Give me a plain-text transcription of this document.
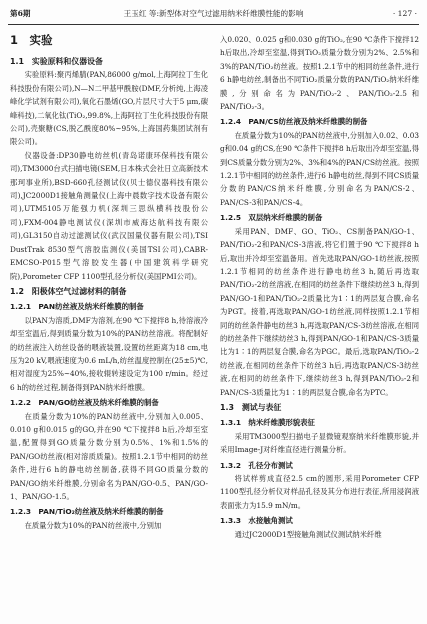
第6期	王玉红 等:新型体对空气过滤用纳米纤维膜性能的影响	· 127 ·
1　实验
1.1　实验原料和仪器设备

实验原料:聚丙烯腈(PAN,86000 g/mol,上海阿拉丁生化科技股份有限公司),N—N二甲基甲酰胺(DMF,分析纯,上海凌峰化学试剂有限公司),氧化石墨烯(GO,片层尺寸大于5 μm,碳峰科技),二氧化钛(TiO₂,99.8%,上海阿拉丁生化科技股份有限公司),壳聚糖(CS,脱乙酰度80%~95%,上海国药集团试剂有限公司)。

仪器设备:DP30静电纺丝机(青岛诺康环保科技有限公司),TM3000台式扫描电镜(SEM,日本株式会社日立高新技术那珂事业所),BSD-660孔径测试仪(贝士德仪器科技有限公司),JC2000D1接触角测量仪(上海中晨数字技术设备有限公司),UTM5105万能强力机(深圳三思纵横科技股份公司),FXM-004静电测试仪(深圳市威海达航科技有限公司),GL3150自动过滤测试仪(武汉国量仪器有限公司),TSI DustTrak 8530型气溶胶监测仪(美国TSI公司),CABR-EMCSO-P015型气溶胶发生器(中国建筑科学研究院),Porometer CFP 1100型孔径分析仪(美国PMI公司)。

1.2　阳极体空气过滤材料的制备
1.2.1　PAN纺丝液及纳米纤维膜的制备

以PAN为溶质,DMF为溶剂,在90 ℃下搅拌8 h,待溶液冷却至室温后,得到质量分数为10%的PAN纺丝溶液。将配制好的纺丝液注入纺丝设备的喂液装置,设置纺丝距离为18 cm,电压为20 kV,喂液速度为0.6 mL/h,纺丝温度控制在(25±5)℃,相对湿度为25%~40%,接收辊转速设定为100 r/min。经过6 h的纺丝过程,制备得到PAN纳米纤维膜。

1.2.2　PAN/GO纺丝液及纳米纤维膜的制备

在质量分数为10%的PAN纺丝液中,分别加入0.005、0.010 g和0.015 g的GO,并在90 ℃下搅拌8 h后,冷却至室温,配置得到GO质量分数分别为0.5%、1%和1.5%的PAN/GO纺丝液(相对溶质质量)。按照1.2.1节中相同的纺丝条件,进行6 h的静电纺丝制备,获得不同GO质量分数的PAN/GO纳米纤维膜,分别命名为PAN/GO-0.5、PAN/GO-1、PAN/GO-1.5。

1.2.3　PAN/TiO₂纺丝液及纳米纤维膜的制备

在质量分数为10%的PAN纺丝液中,分别加

入0.020、0.025 g和0.030 g的TiO₂,在90 ℃条件下搅拌12 h后取出,冷却至室温,得到TiO₂质量分数分别为2%、2.5%和3%的PAN/TiO₂纺丝液。按照1.2.1节中的相同纺丝条件,进行6 h静电纺丝,制备出不同TiO₂质量分数的PAN/TiO₂纳米纤维膜,分别命名为PAN/TiO₂-2、PAN/TiO₂-2.5和PAN/TiO₂-3。

1.2.4　PAN/CS纺丝液及纳米纤维膜的制备

在质量分数为10%的PAN纺丝液中,分别加入0.02、0.03 g和0.04 g的CS,在90 ℃条件下搅拌8 h后取出冷却至室温,得到CS质量分数分别为2%、3%和4%的PAN/CS纺丝液。按照1.2.1节中相同的纺丝条件,进行6 h静电纺丝,得到不同CS质量分数的PAN/CS纳米纤维膜,分别命名为PAN/CS-2、PAN/CS-3和PAN/CS-4。

1.2.5　双层纳米纤维膜的制备

采用PAN、DMF、GO、TiO₂、CS制备PAN/GO-1、PAN/TiO₂-2和PAN/CS-3溶液,将它们置于90 ℃下搅拌8 h后,取出并冷却至室温备用。首先选取PAN/GO-1纺丝液,按照1.2.1节相同的纺丝条件进行静电纺丝3 h,随后再选取PAN/TiO₂-2纺丝溶液,在相同的纺丝条件下继续纺丝3 h,得到PAN/GO-1和PAN/TiO₂-2质量比为1∶1的两层复合膜,命名为PGT。接着,再选取PAN/GO-1纺丝液,同样按照1.2.1节相同的纺丝条件静电纺丝3 h,再选取PAN/CS-3纺丝溶液,在相同的纺丝条件下继续纺丝3 h,得到PAN/GO-1和PAN/CS-3质量比为1∶1的两层复合膜,命名为PGC。最后,选取PAN/TiO₂-2纺丝液,在相同纺丝条件下纺丝3 h后,再选取PAN/CS-3纺丝液,在相同的纺丝条件下,继续纺丝3 h,得到PAN/TiO₂-2和PAN/CS-3质量比为1∶1的两层复合膜,命名为PTC。

1.3　测试与表征
1.3.1　纳米纤维膜形貌表征

采用TM3000型扫描电子显微镜观察纳米纤维膜形貌,并采用Image-J对纤维直径进行测量分析。

1.3.2　孔径分布测试

将试样剪成直径2.5 cm的圆形,采用Porometer CFP 1100型孔径分析仪对样品孔径及其分布进行表征,所用浸润液表面张力为15.9 mN/m。

1.3.3　水接触角测试

通过JC2000D1型接触角测试仪测试纳米纤维
